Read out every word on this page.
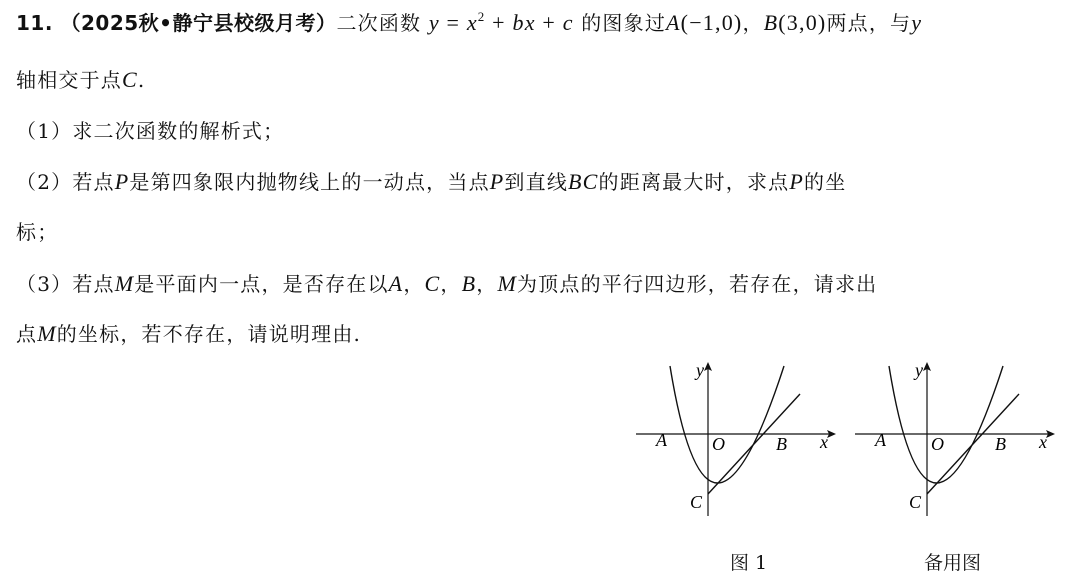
11. （2025秋•静宁县校级月考）二次函数 $y = x^2$ + bx + c 的图象过A(−1,0)，B(3,0)两点，与y
轴相交于点C.
（1）求二次函数的解析式；
（2）若点P是第四象限内抛物线上的一动点，当点P到直线BC的距离最大时，求点P的坐
标；
（3）若点M是平面内一点，是否存在以A，C，B，M为顶点的平行四边形，若存在，请求出
点M的坐标，若不存在，请说明理由.
y
x
O
A	B
C
图 1
y
x
O
A	B
C
备用图
